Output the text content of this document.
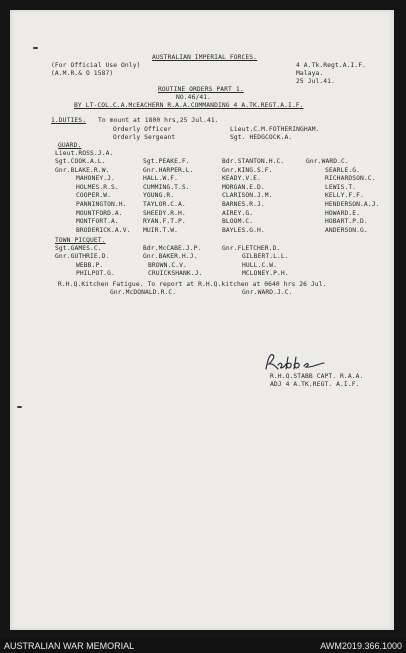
AUSTRALIAN IMPERIAL FORCES.
(For Official Use Only)
(A.M.R.& O 1587)
4 A.Tk.Regt.A.I.F.
Malaya.
25 Jul.41.
ROUTINE ORDERS PART 1.
NO.46/41.
BY LT-COL.C.A.McEACHERN R.A.A.COMMANDING 4 A.TK.REGT.A.I.F.
1.DUTIES. To mount at 1800 hrs,25 Jul.41.
Orderly Officer	Lieut.C.M.FOTHERINGHAM.
Orderly Sergeant	Sgt. HEDGCOCK.A.
GUARD.
Lieut.ROSS.J.A.
Sgt.COOK.A.L.	Sgt.PEAKE.F.	Bdr.STANTON.H.C.	Gnr.WARD.C.
Gnr.BLAKE.R.W.	Gnr.HARPER.L.	Gnr.KING.S.F.	SEARLE.G.
MAHONEY.J.	HALL.W.F.	KEADY.V.E.	RICHARDSON.C.
HOLMES.R.S.	CUMMING.T.S.	MORGAN.E.D.	LEWIS.T.
COOPER.W.	YOUNG.R.	CLARISON.J.M.	KELLY.F.F.
PANNINGTON.H.	TAYLOR.C.A.	BARNES.R.J.	HENDERSON.A.J.
MOUNTFORD.A.	SHEEDY.R.H.	AIREY.G.	HOWARD.E.
MONTFORT.A.	RYAN.F.T.P.	BLOOM.C.	HOBART.P.D.
BRODERICK.A.V. MUIR.T.W.	BAYLES.G.H.	ANDERSON.G.
TOWN PICQUET.
Sgt.GAMES.C.	Bdr.McCABE.J.P.	Gnr.FLETCHER.D.
Gnr.GUTHRIE.D.	Gnr.BAKER.H.J.	GILBERT.L.L.
WEBB.P.	BROWN.C.V.	HULL.C.W.
PHILPOT.G.	CRUICKSHANK.J.	MCLONEY.P.H.
R.H.Q.Kitchen Fatigue. To report at R.H.Q.kitchen at 0640 hrs 26 Jul.
Gnr.McDONALD.R.C.	Gnr.WARD.J.C.
R.H.Q.STABB CAPT. R.A.A.
ADJ 4 A.TK.REGT. A.I.F.
AUSTRALIAN WAR MEMORIAL	AWM2019.366.1000
